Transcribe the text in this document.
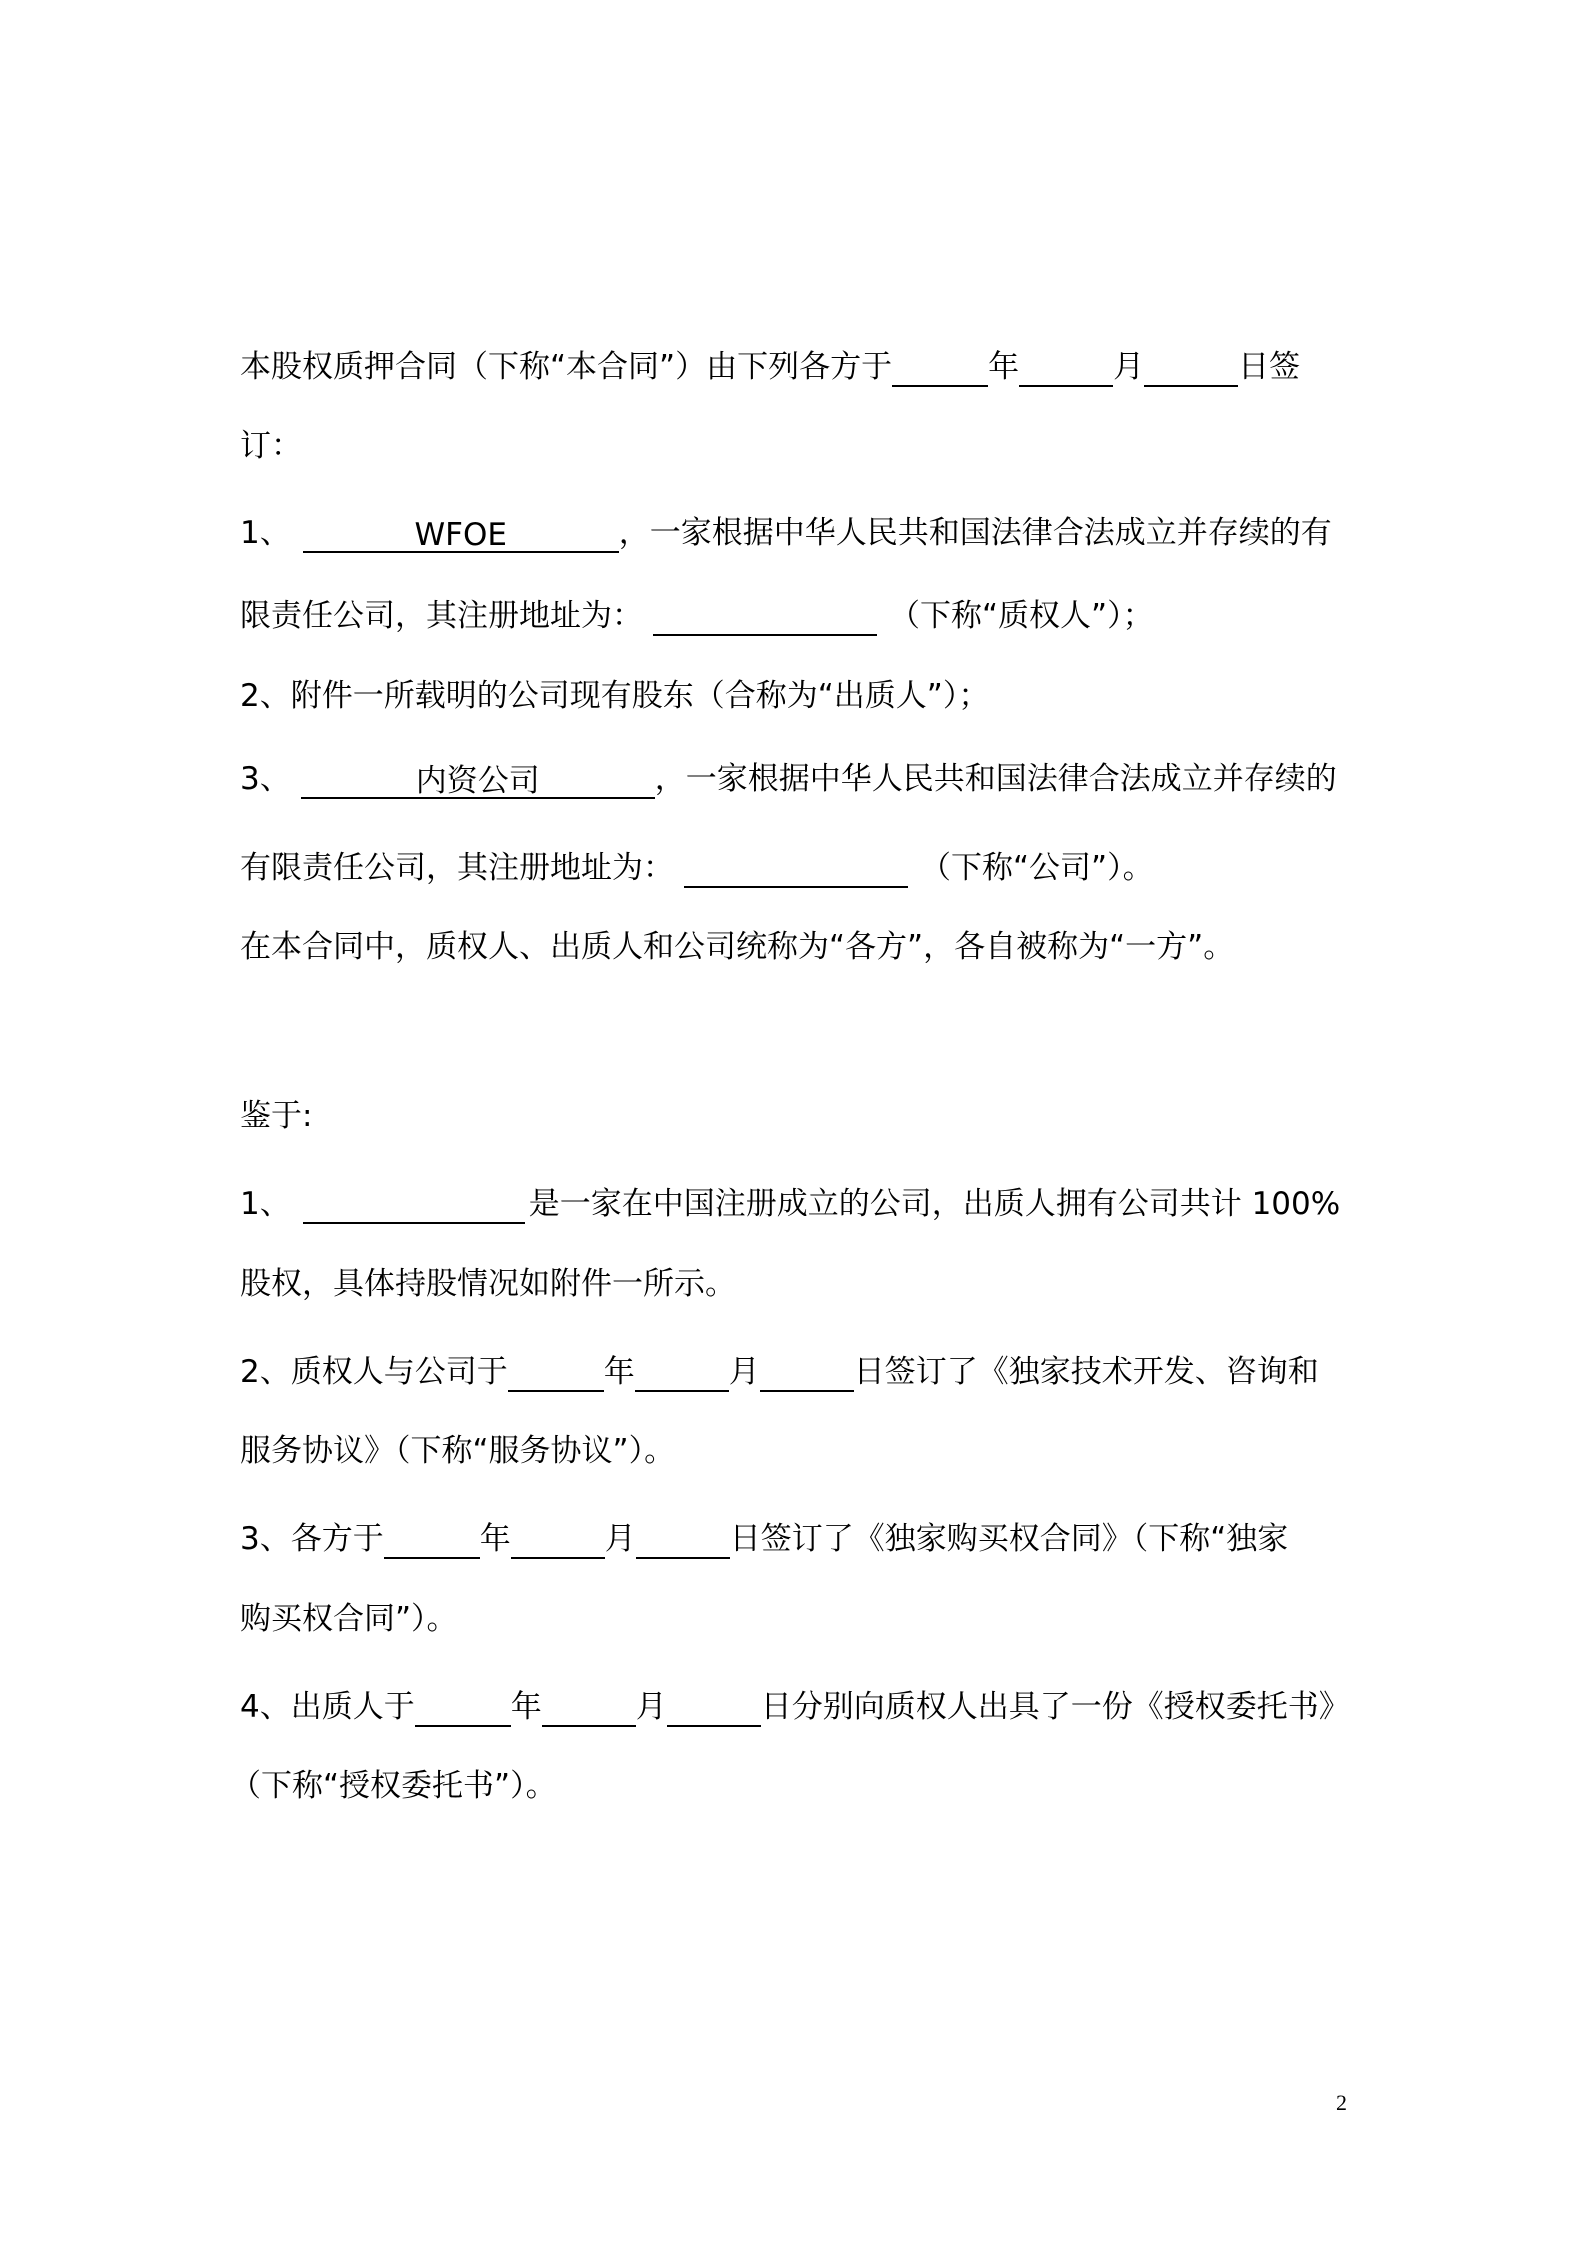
本股权质押合同（下称“本合同”）由下列各方于	年	月	日签
订：
1、	WFOE	，一家根据中华人民共和国法律合法成立并存续的有
限责任公司，其注册地址为：	（下称“质权人”）；
2、附件一所载明的公司现有股东（合称为“出质人”）；
3、	内资公司	，一家根据中华人民共和国法律合法成立并存续的
有限责任公司，其注册地址为：	（下称“公司”）。
在本合同中，质权人、出质人和公司统称为“各方”，各自被称为“一方”。
鉴于:
1、	是一家在中国注册成立的公司，出质人拥有公司共计 100%
股权，具体持股情况如附件一所示。
2、质权人与公司于	年	月	日签订了《独家技术开发、咨询和
服务协议》（下称“服务协议”）。
3、各方于	年	月	日签订了《独家购买权合同》（下称“独家
购买权合同”）。
4、出质人于	年	月	日分别向质权人出具了一份《授权委托书》
（下称“授权委托书”）。
2
